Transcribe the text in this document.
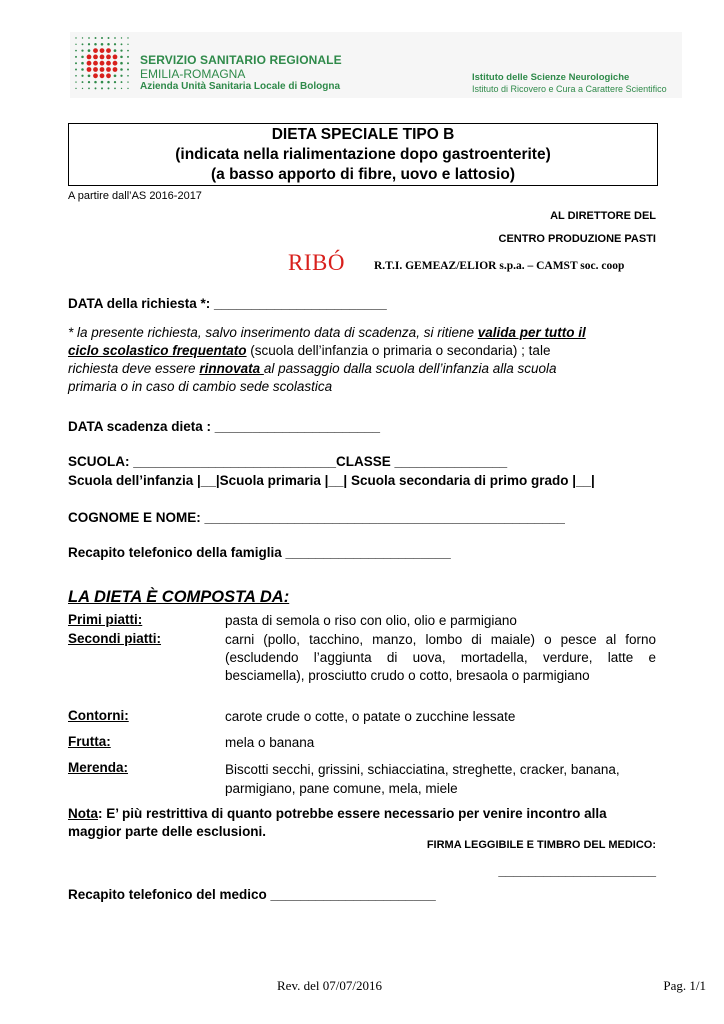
SERVIZIO SANITARIO REGIONALE
EMILIA-ROMAGNA
Azienda Unità Sanitaria Locale di Bologna
Istituto delle Scienze Neurologiche
Istituto di Ricovero e Cura a Carattere Scientifico
DIETA SPECIALE TIPO B
(indicata nella rialimentazione dopo gastroenterite)
(a basso apporto di fibre, uovo e lattosio)
A partire dall’AS 2016-2017
AL DIRETTORE DEL
CENTRO PRODUZIONE PASTI
RIBÓ	R.T.I. GEMEAZ/ELIOR s.p.a. – CAMST soc. coop
DATA della richiesta *: _______________________
* la presente richiesta, salvo inserimento data di scadenza, si ritiene valida per tutto il
ciclo scolastico frequentato (scuola dell’infanzia o primaria o secondaria) ; tale
richiesta deve essere rinnovata al passaggio dalla scuola dell’infanzia alla scuola
primaria o in caso di cambio sede scolastica
DATA scadenza dieta : ______________________
SCUOLA: ___________________________CLASSE _______________
Scuola dell’infanzia |__|Scuola primaria |__| Scuola secondaria di primo grado |__|
COGNOME E NOME: ________________________________________________
Recapito telefonico della famiglia ______________________
LA DIETA È COMPOSTA DA:
Primi piatti:	pasta di semola o riso con olio, olio e parmigiano
Secondi piatti:	carni (pollo, tacchino, manzo, lombo di maiale) o pesce al forno (escludendo l’aggiunta di uova, mortadella, verdure, latte e besciamella), prosciutto crudo o cotto, bresaola o parmigiano
Contorni:	carote crude o cotte, o patate o zucchine lessate
Frutta:	mela o banana
Merenda:	Biscotti secchi, grissini, schiacciatina, streghette, cracker, banana, parmigiano, pane comune, mela, miele
Nota: E’ più restrittiva di quanto potrebbe essere necessario per venire incontro alla
maggior parte delle esclusioni.
FIRMA LEGGIBILE E TIMBRO DEL MEDICO:
_____________________
Recapito telefonico del medico ______________________
Rev. del 07/07/2016	Pag. 1/1
